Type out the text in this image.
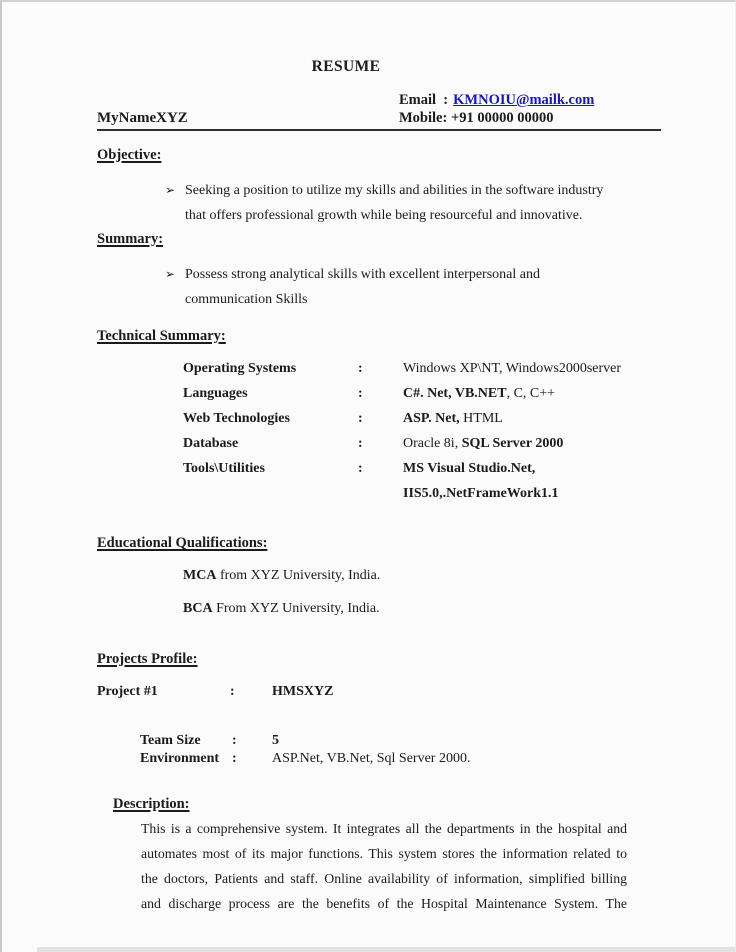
RESUME
MyNameXYZ
Email  : KMNOIU@mailk.com
Mobile: +91 00000 00000
Objective:
➢ Seeking a position to utilize my skills and abilities in the software industry
that offers professional growth while being resourceful and innovative.
Summary:
➢ Possess strong analytical skills with excellent interpersonal and
communication Skills
Technical Summary:
Operating Systems	:	Windows XP\NT, Windows2000server
Languages	:	C#. Net, VB.NET, C, C++
Web Technologies	:	ASP. Net, HTML
Database	:	Oracle 8i, SQL Server 2000
Tools\Utilities	:	MS Visual Studio.Net,
IIS5.0,.NetFrameWork1.1
Educational Qualifications:
MCA from XYZ University, India.
BCA From XYZ University, India.
Projects Profile:
Project #1	:	HMSXYZ
Team Size	:	5
Environment :	ASP.Net, VB.Net, Sql Server 2000.
Description:
This is a comprehensive system. It integrates all the departments in the hospital and
automates most of its major functions. This system stores the information related to
the doctors, Patients and staff. Online availability of information, simplified billing
and discharge process are the benefits of the Hospital Maintenance System. The
